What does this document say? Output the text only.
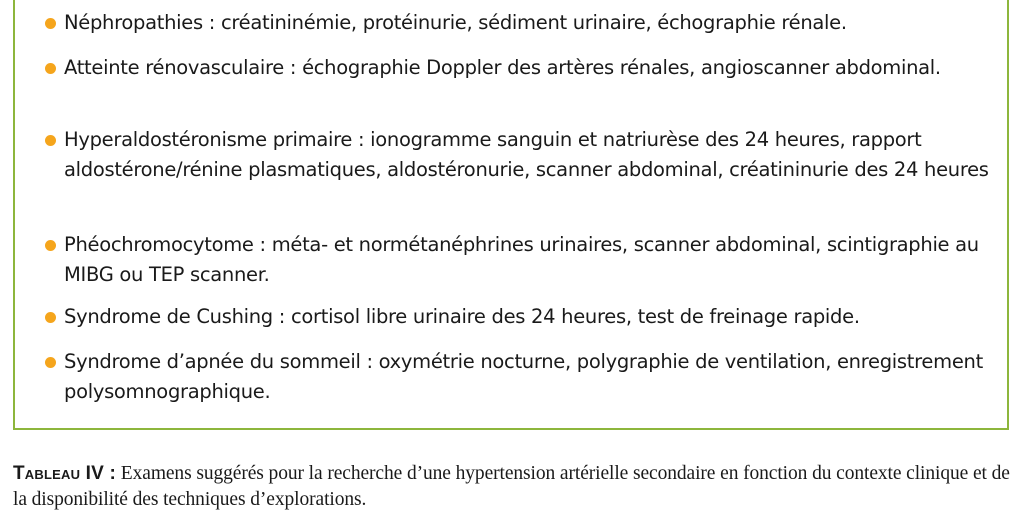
Néphropathies : créatininémie, protéinurie, sédiment urinaire, échographie rénale.
Atteinte rénovasculaire : échographie Doppler des artères rénales, angioscanner abdominal.
Hyperaldostéronisme primaire : ionogramme sanguin et natriurèse des 24 heures, rapport aldostérone/rénine plasmatiques, aldostéronurie, scanner abdominal, créatininurie des 24 heures
Phéochromocytome : méta- et normétanéphrines urinaires, scanner abdominal, scintigraphie au MIBG ou TEP scanner.
Syndrome de Cushing : cortisol libre urinaire des 24 heures, test de freinage rapide.
Syndrome d’apnée du sommeil : oxymétrie nocturne, polygraphie de ventilation, enregistrement polysomnographique.
Tableau IV : Examens suggérés pour la recherche d’une hypertension artérielle secondaire en fonction du contexte clinique et de la disponibilité des techniques d’explorations.
